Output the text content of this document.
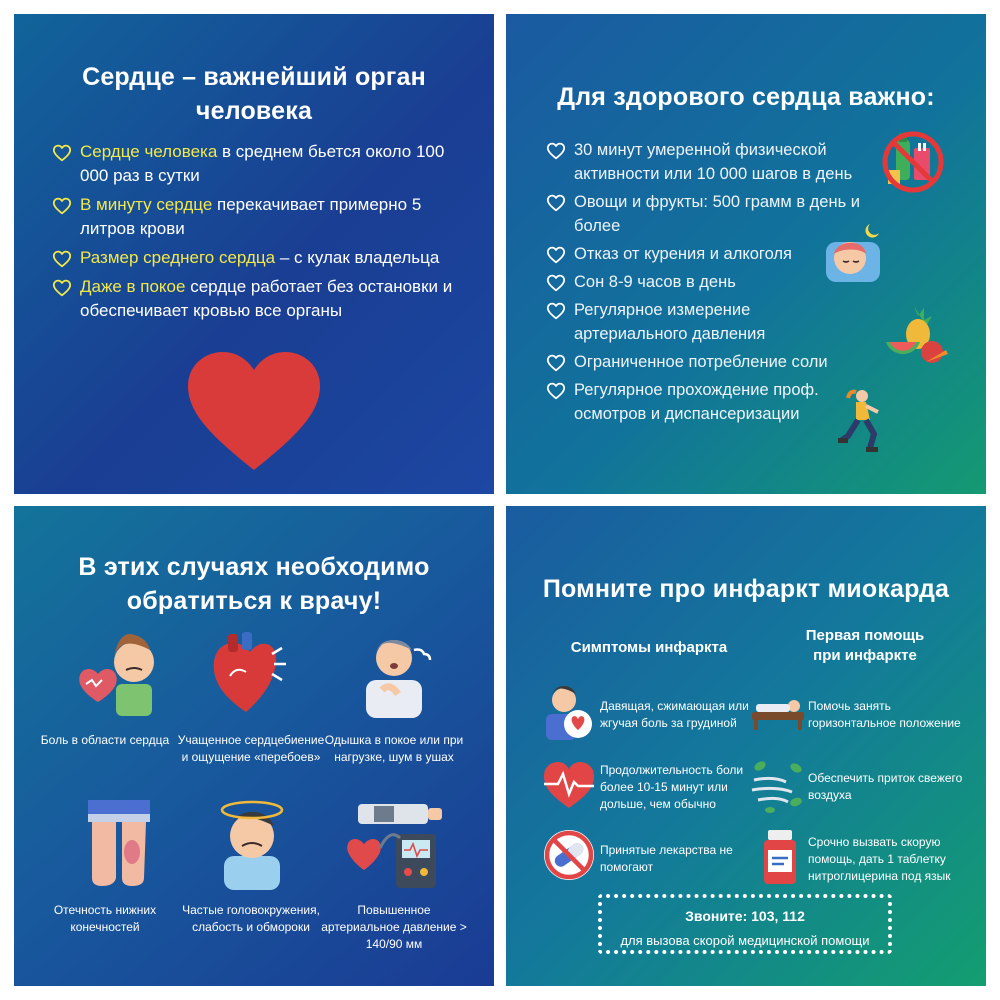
Сердце – важнейший орган
человека
Сердце человека в среднем бьется около 100 000 раз в сутки
В минуту сердце перекачивает примерно 5 литров крови
Размер среднего сердца – с кулак владельца
Даже в покое сердце работает без остановки и обеспечивает кровью все органы
Для здорового сердца важно:
30 минут умеренной физической активности или 10 000 шагов в день
Овощи и фрукты: 500 грамм в день и более
Отказ от курения и алкоголя
Сон 8-9 часов в день
Регулярное измерение артериального давления
Ограниченное потребление соли
Регулярное прохождение проф. осмотров и диспансеризации
В этих случаях необходимо
обратиться к врачу!
Боль в области сердца Учащенное сердцебиение и ощущение «перебоев»
Одышка в покое или при нагрузке, шум в ушах
Отечность нижних конечностей
Частые головокружения, слабость и обмороки
Повышенное артериальное давление > 140/90 мм
Помните про инфаркт миокарда
Симптомы инфаркта
Первая помощь
при инфаркте
Давящая, сжимающая или жгучая боль за грудиной
Продолжительность боли более 10-15 минут или дольше, чем обычно
Принятые лекарства не помогают
Помочь занять горизонтальное положение
Обеспечить приток свежего воздуха
Срочно вызвать скорую помощь, дать 1 таблетку нитроглицерина под язык
Звоните: 103, 112
для вызова скорой медицинской помощи
